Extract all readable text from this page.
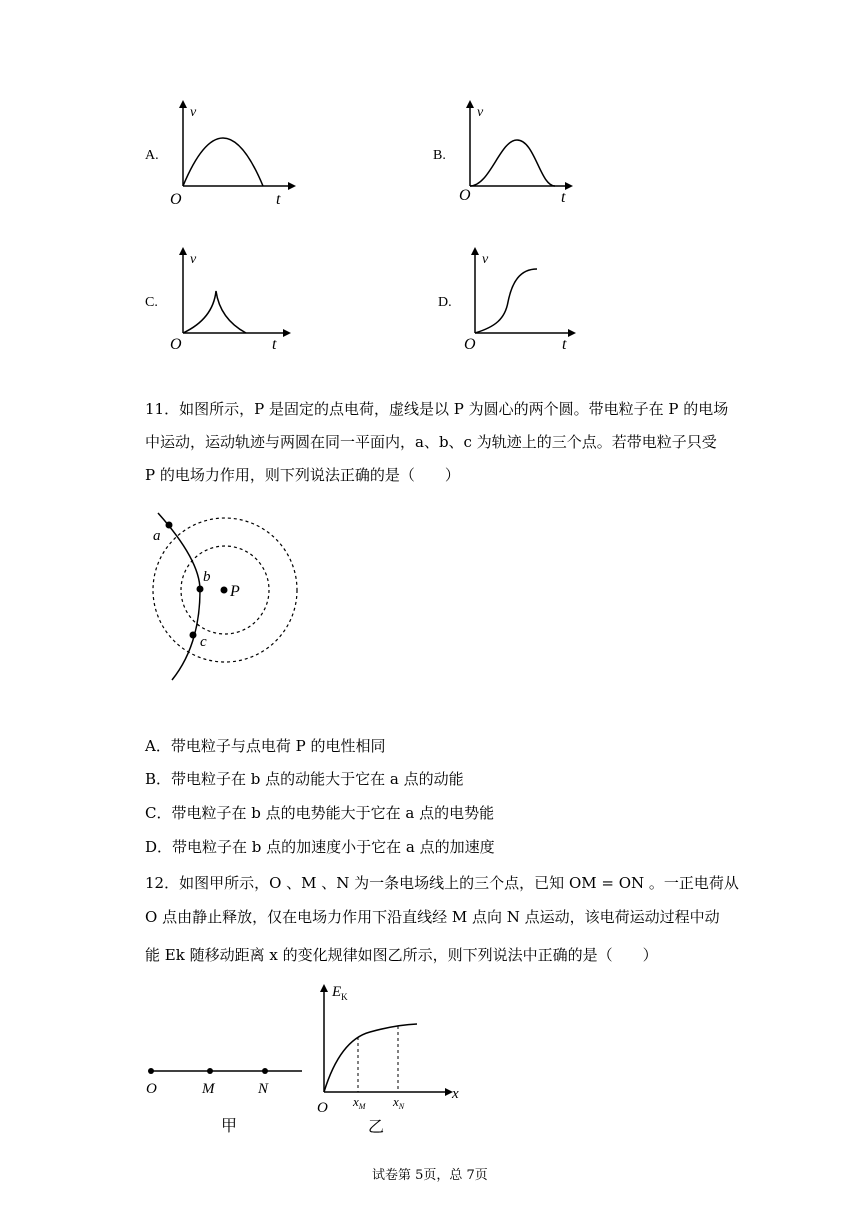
A.
v
t
O
B.
v
t
O
C.
v
t
O
D.
v
t
O
11．如图所示，P 是固定的点电荷，虚线是以 P 为圆心的两个圆。带电粒子在 P 的电场
中运动，运动轨迹与两圆在同一平面内，a、b、c 为轨迹上的三个点。若带电粒子只受
P 的电场力作用，则下列说法正确的是（　　）
a
b
c
P
A．带电粒子与点电荷 P 的电性相同
B．带电粒子在 b 点的动能大于它在 a 点的动能
C．带电粒子在 b 点的电势能大于它在 a 点的电势能
D．带电粒子在 b 点的加速度小于它在 a 点的加速度
12．如图甲所示，O 、M 、N 为一条电场线上的三个点，已知 OM = ON 。一正电荷从
O 点由静止释放，仅在电场力作用下沿直线经 M 点向 N 点运动，该电荷运动过程中动
能 Ek 随移动距离 x 的变化规律如图乙所示，则下列说法中正确的是（　　）
O	M	N
甲
$E_K$
x
O $x_M$ $x_N$
乙
试卷第 5页，总 7页
